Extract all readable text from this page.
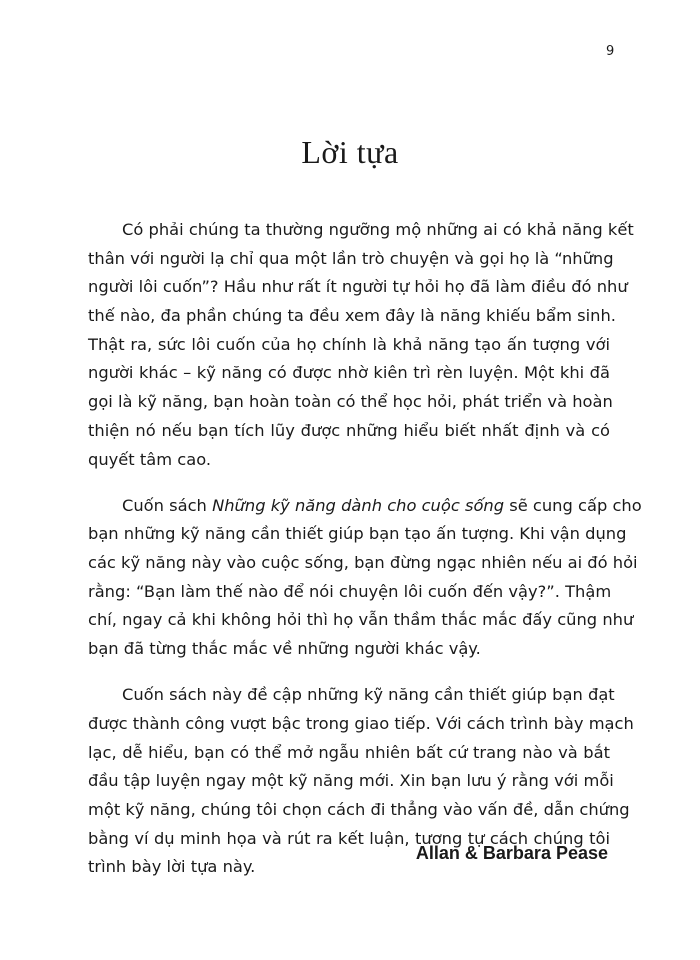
9
Lời tựa
Có phải chúng ta thường ngưỡng mộ những ai có khả năng kết
thân với người lạ chỉ qua một lần trò chuyện và gọi họ là “những
người lôi cuốn”? Hầu như rất ít người tự hỏi họ đã làm điều đó như
thế nào, đa phần chúng ta đều xem đây là năng khiếu bẩm sinh.
Thật ra, sức lôi cuốn của họ chính là khả năng tạo ấn tượng với
người khác – kỹ năng có được nhờ kiên trì rèn luyện. Một khi đã
gọi là kỹ năng, bạn hoàn toàn có thể học hỏi, phát triển và hoàn
thiện nó nếu bạn tích lũy được những hiểu biết nhất định và có
quyết tâm cao.
Cuốn sách Những kỹ năng dành cho cuộc sống sẽ cung cấp cho
bạn những kỹ năng cần thiết giúp bạn tạo ấn tượng. Khi vận dụng
các kỹ năng này vào cuộc sống, bạn đừng ngạc nhiên nếu ai đó hỏi
rằng: “Bạn làm thế nào để nói chuyện lôi cuốn đến vậy?”. Thậm
chí, ngay cả khi không hỏi thì họ vẫn thầm thắc mắc đấy cũng như
bạn đã từng thắc mắc về những người khác vậy.
Cuốn sách này đề cập những kỹ năng cần thiết giúp bạn đạt
được thành công vượt bậc trong giao tiếp. Với cách trình bày mạch
lạc, dễ hiểu, bạn có thể mở ngẫu nhiên bất cứ trang nào và bắt
đầu tập luyện ngay một kỹ năng mới. Xin bạn lưu ý rằng với mỗi
một kỹ năng, chúng tôi chọn cách đi thẳng vào vấn đề, dẫn chứng
bằng ví dụ minh họa và rút ra kết luận, tương tự cách chúng tôi
trình bày lời tựa này.
Allan & Barbara Pease
